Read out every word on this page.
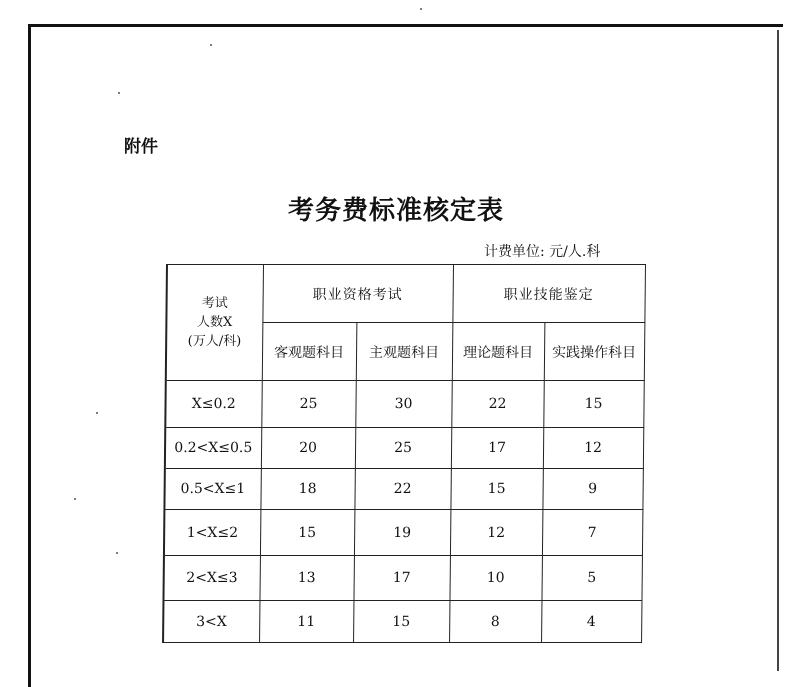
附件
考务费标准核定表
计费单位: 元/人.科
考试
人数X
(万人/科)	职业资格考试		职业技能鉴定	
	客观题科目	主观题科目	理论题科目	实践操作科目
X≤0.2	25	30	22	15
0.2<X≤0.5	20	25	17	12
0.5<X≤1	18	22	15	9
1<X≤2	15	19	12	7
2<X≤3	13	17	10	5
3<X	11	15	8	4
